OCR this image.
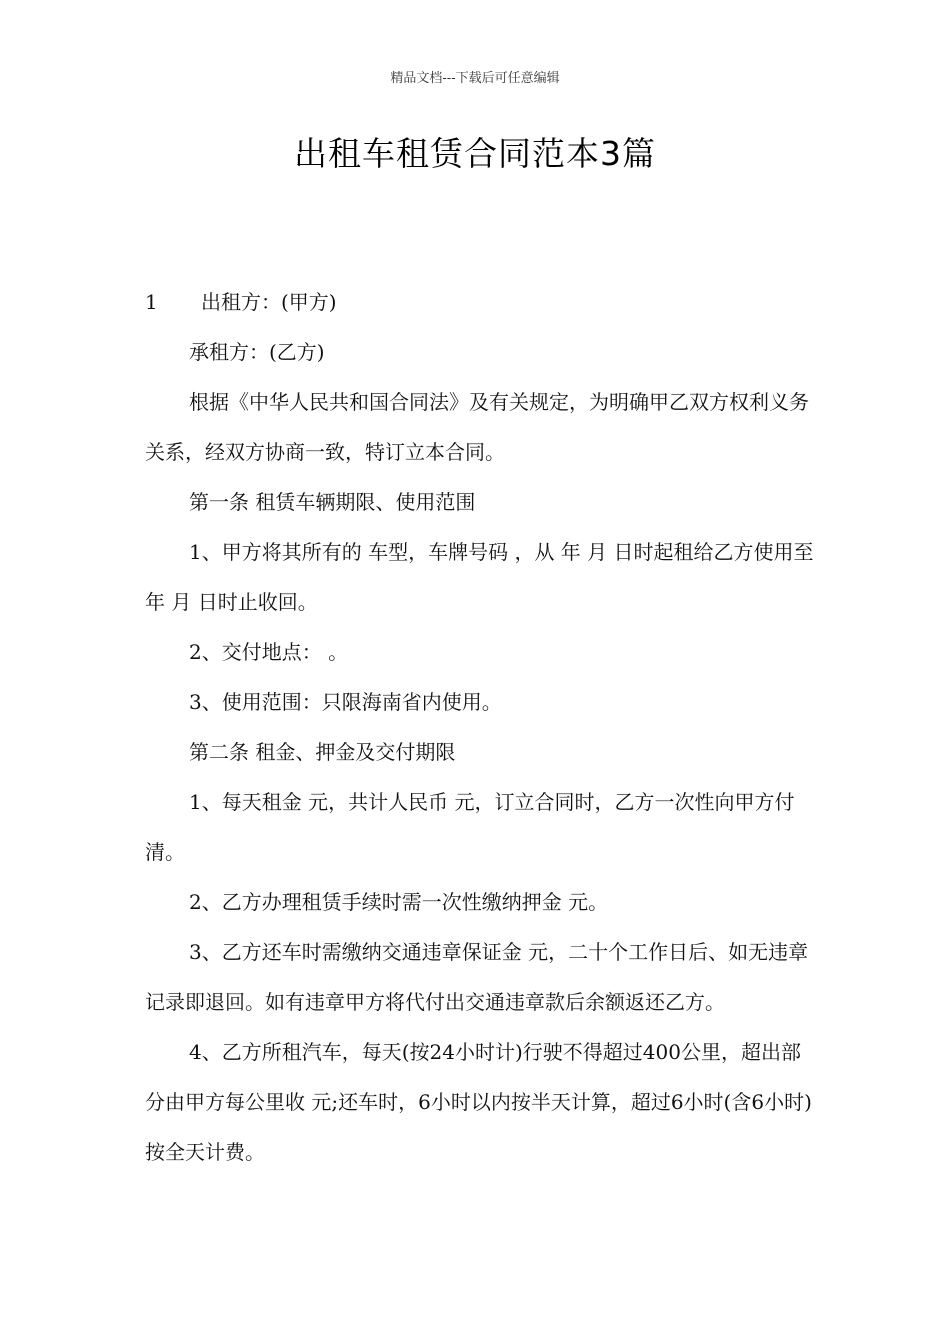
精品文档---下载后可任意编辑
出租车租赁合同范本3篇

1 出租方：(甲方)

承租方：(乙方)

根据《中华人民共和国合同法》及有关规定，为明确甲乙双方权利义务关系，经双方协商一致，特订立本合同。

第一条 租赁车辆期限、使用范围

1、甲方将其所有的 车型，车牌号码 ，从 年 月 日时起租给乙方使用至 年 月 日时止收回。

2、交付地点： 。

3、使用范围：只限海南省内使用。

第二条 租金、押金及交付期限

1、每天租金 元，共计人民币 元，订立合同时，乙方一次性向甲方付清。

2、乙方办理租赁手续时需一次性缴纳押金 元。

3、乙方还车时需缴纳交通违章保证金 元，二十个工作日后、如无违章记录即退回。如有违章甲方将代付出交通违章款后余额返还乙方。

4、乙方所租汽车，每天(按24小时计)行驶不得超过400公里，超出部分由甲方每公里收 元;还车时，6小时以内按半天计算，超过6小时(含6小时)按全天计费。
